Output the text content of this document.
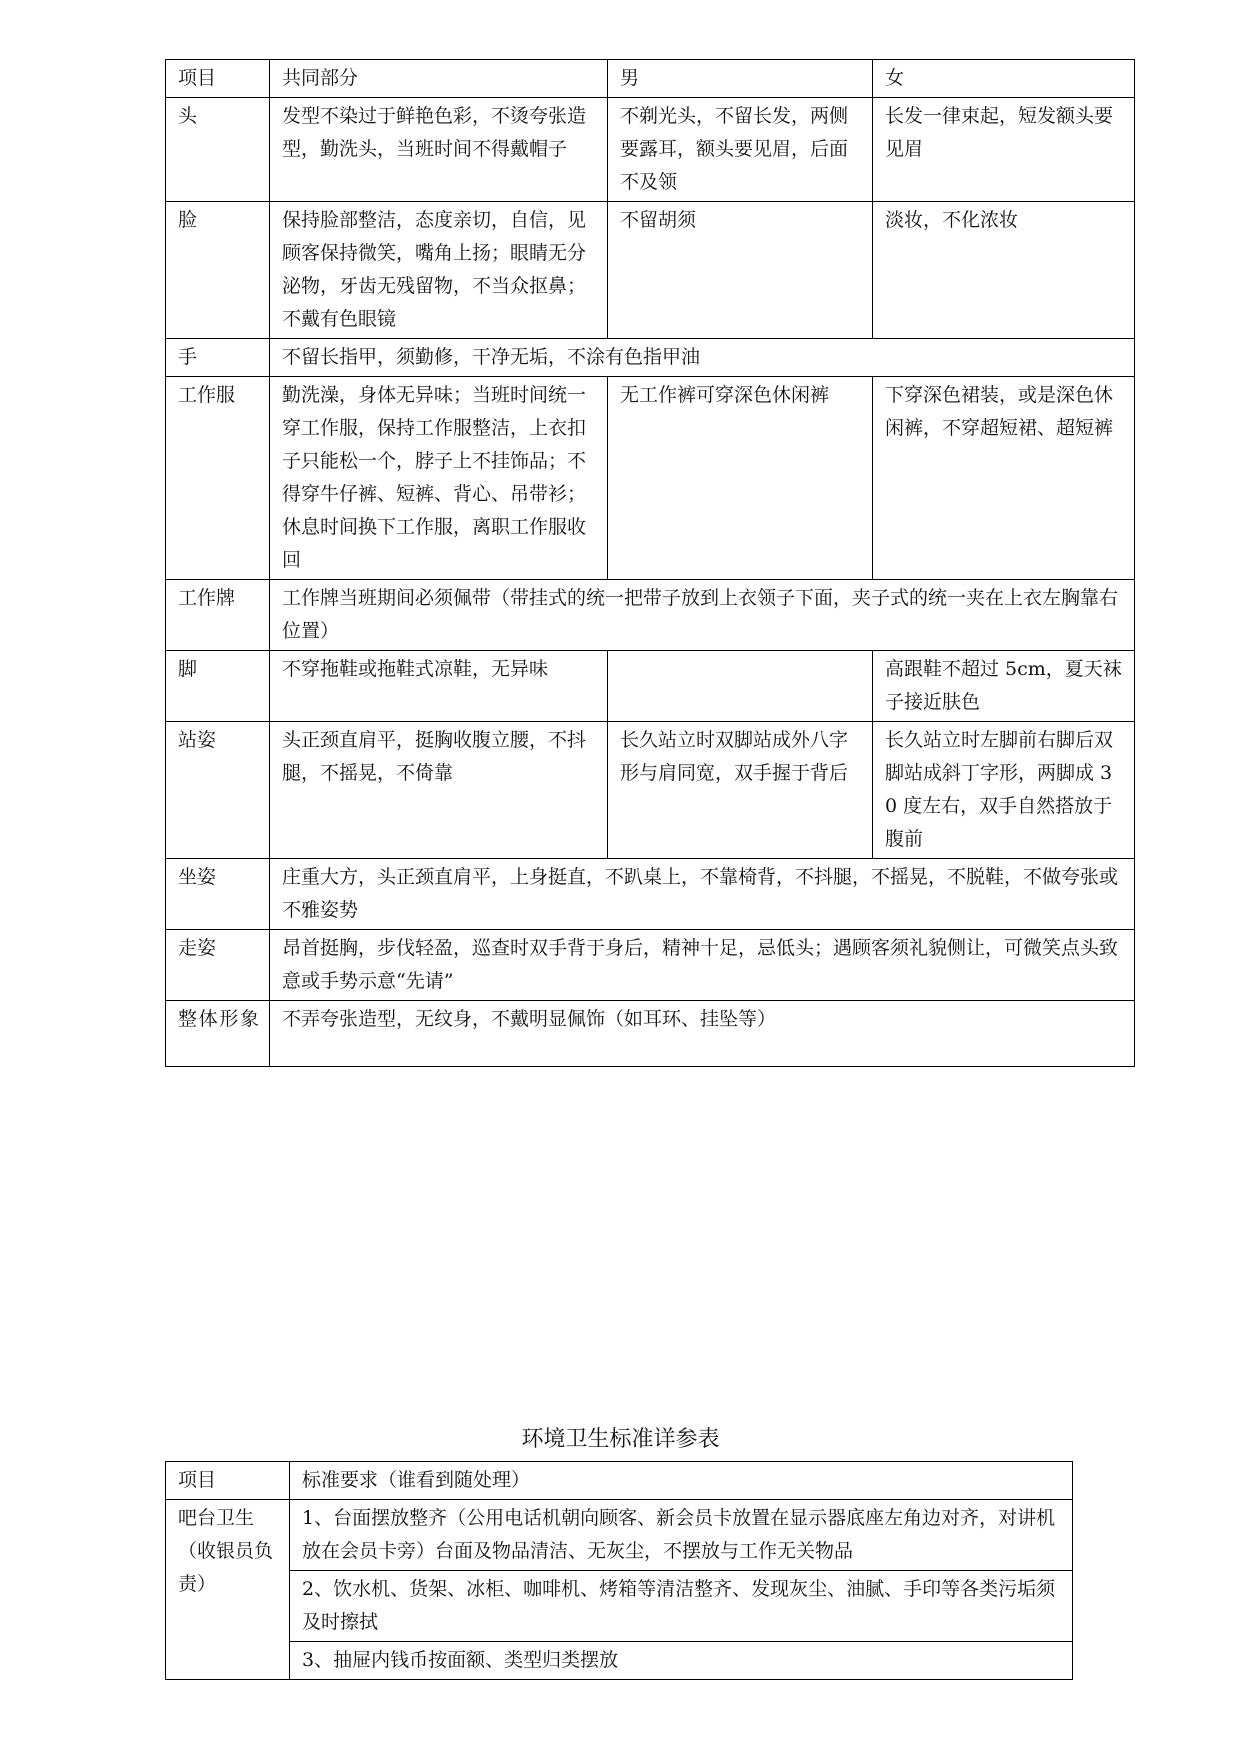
项目	共同部分	男	女
头	发型不染过于鲜艳色彩，不烫夸张造型，勤洗头，当班时间不得戴帽子	不剃光头，不留长发，两侧要露耳，额头要见眉，后面不及领	长发一律束起，短发额头要见眉
脸	保持脸部整洁，态度亲切，自信，见顾客保持微笑，嘴角上扬；眼睛无分泌物，牙齿无残留物，不当众抠鼻；不戴有色眼镜	不留胡须	淡妆，不化浓妆
手	不留长指甲，须勤修，干净无垢，不涂有色指甲油		
工作服	勤洗澡，身体无异味；当班时间统一穿工作服，保持工作服整洁，上衣扣子只能松一个，脖子上不挂饰品；不得穿牛仔裤、短裤、背心、吊带衫；休息时间换下工作服，离职工作服收回	无工作裤可穿深色休闲裤	下穿深色裙装，或是深色休闲裤，不穿超短裙、超短裤
工作牌	工作牌当班期间必须佩带（带挂式的统一把带子放到上衣领子下面，夹子式的统一夹在上衣左胸靠右位置）		
脚	不穿拖鞋或拖鞋式凉鞋，无异味		高跟鞋不超过 5cm，夏天袜子接近肤色
站姿	头正颈直肩平，挺胸收腹立腰，不抖腿，不摇晃，不倚靠	长久站立时双脚站成外八字形与肩同宽，双手握于背后	长久站立时左脚前右脚后双脚站成斜丁字形，两脚成 30 度左右，双手自然搭放于腹前
坐姿	庄重大方，头正颈直肩平，上身挺直，不趴桌上，不靠椅背，不抖腿，不摇晃，不脱鞋，不做夸张或不雅姿势		
走姿	昂首挺胸，步伐轻盈，巡查时双手背于身后，精神十足，忌低头；遇顾客须礼貌侧让，可微笑点头致意或手势示意“先请”		
整体形象	不弄夸张造型，无纹身，不戴明显佩饰（如耳环、挂坠等）		
环境卫生标准详参表
项目	标准要求（谁看到随处理）
吧台卫生（收银员负责）	1、台面摆放整齐（公用电话机朝向顾客、新会员卡放置在显示器底座左角边对齐，对讲机放在会员卡旁）台面及物品清洁、无灰尘，不摆放与工作无关物品
	2、饮水机、货架、冰柜、咖啡机、烤箱等清洁整齐、发现灰尘、油腻、手印等各类污垢须及时擦拭
	3、抽屉内钱币按面额、类型归类摆放
